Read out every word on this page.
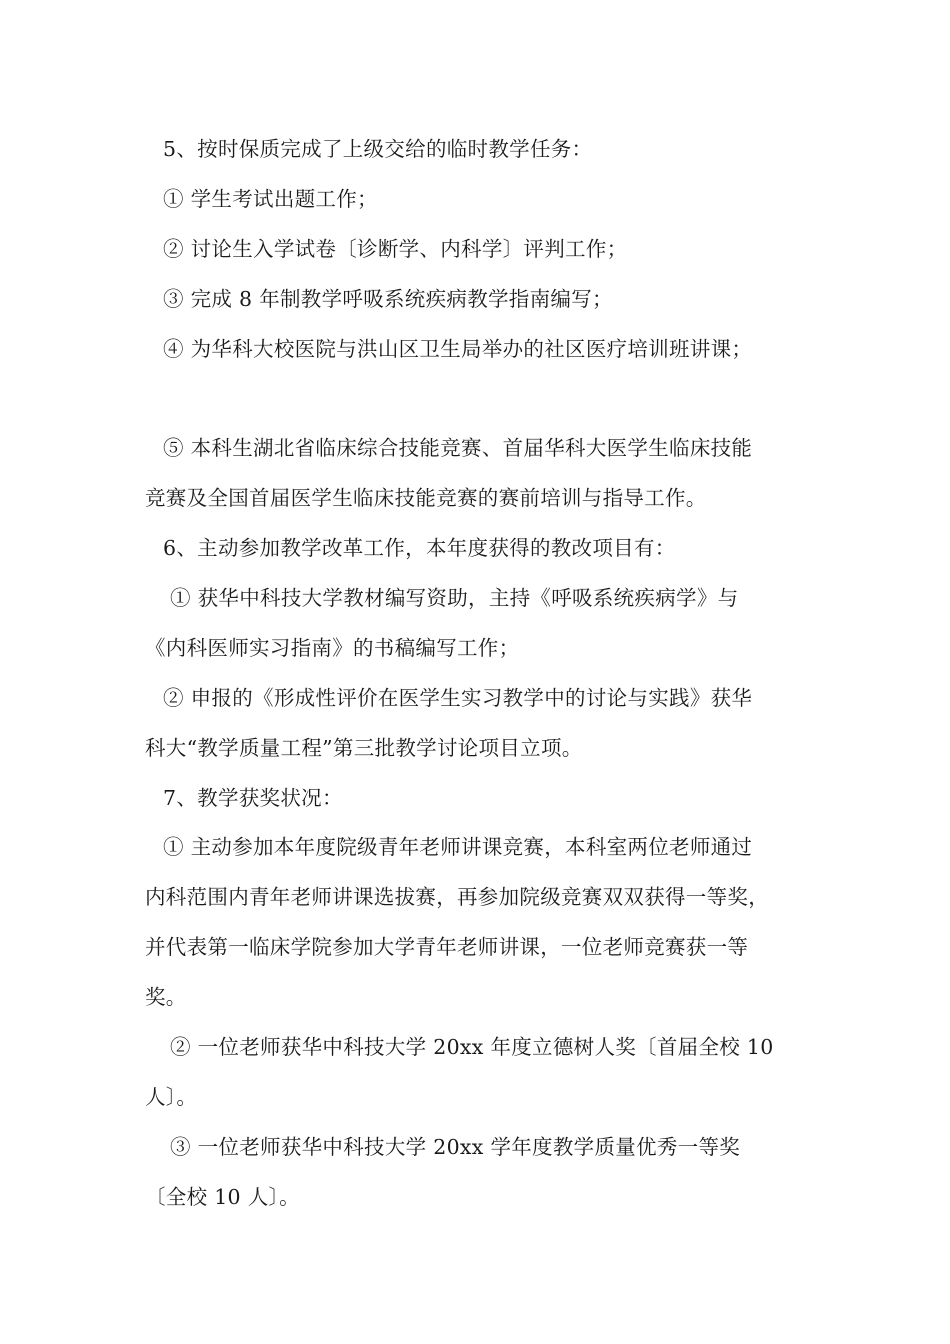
5、按时保质完成了上级交给的临时教学任务：
① 学生考试出题工作；
② 讨论生入学试卷〔诊断学、内科学〕评判工作；
③ 完成 8 年制教学呼吸系统疾病教学指南编写；
④ 为华科大校医院与洪山区卫生局举办的社区医疗培训班讲课；
⑤ 本科生湖北省临床综合技能竞赛、首届华科大医学生临床技能
竞赛及全国首届医学生临床技能竞赛的赛前培训与指导工作。
6、主动参加教学改革工作，本年度获得的教改项目有：
① 获华中科技大学教材编写资助，主持《呼吸系统疾病学》与
《内科医师实习指南》的书稿编写工作；
② 申报的《形成性评价在医学生实习教学中的讨论与实践》获华
科大“教学质量工程”第三批教学讨论项目立项。
7、教学获奖状况：
① 主动参加本年度院级青年老师讲课竞赛，本科室两位老师通过
内科范围内青年老师讲课选拔赛，再参加院级竞赛双双获得一等奖，
并代表第一临床学院参加大学青年老师讲课，一位老师竞赛获一等
奖。
② 一位老师获华中科技大学 20xx 年度立德树人奖〔首届全校 10
人〕。
③ 一位老师获华中科技大学 20xx 学年度教学质量优秀一等奖
〔全校 10 人〕。
